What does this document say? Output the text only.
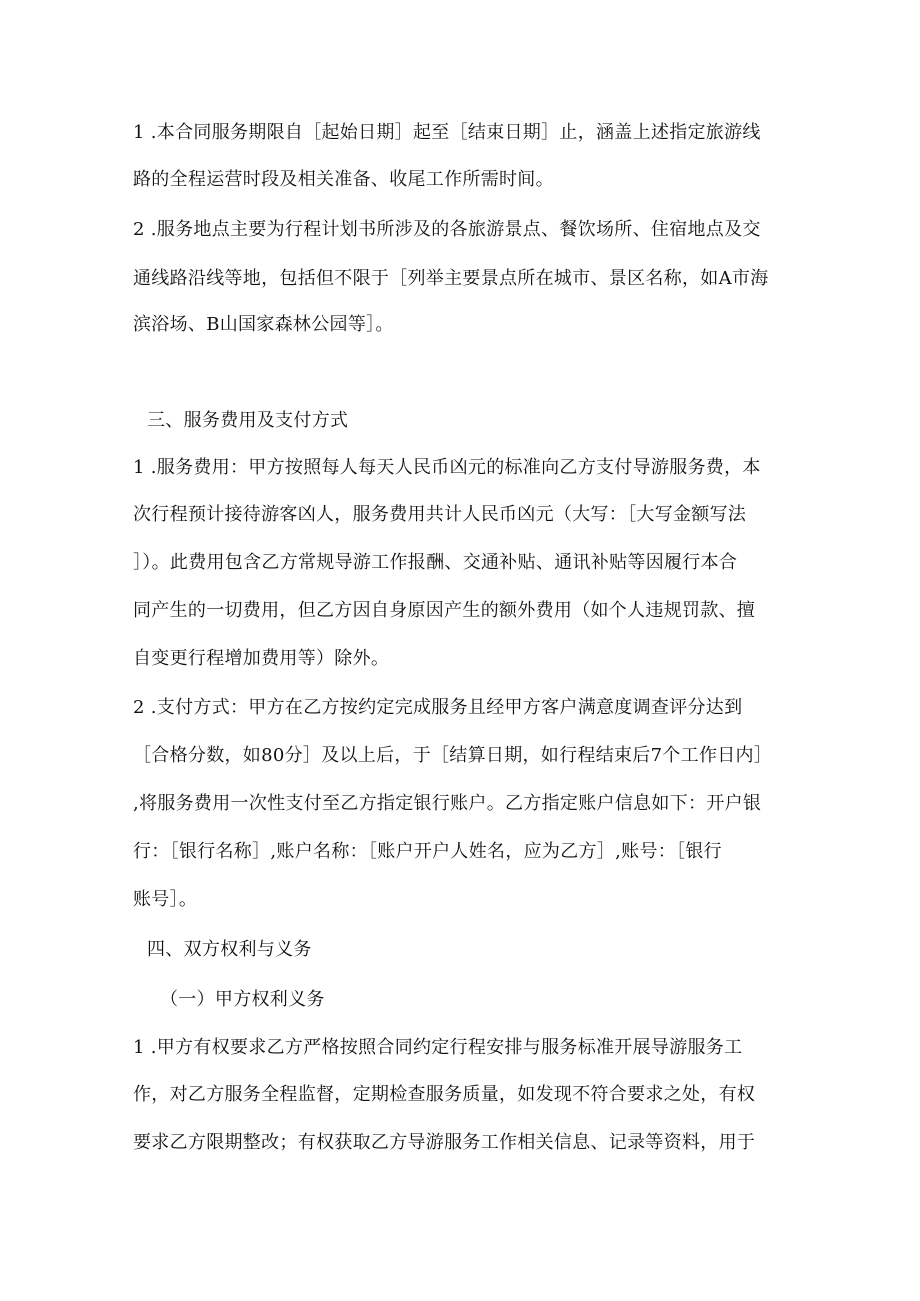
1 .本合同服务期限自［起始日期］起至［结束日期］止，涵盖上述指定旅游线
路的全程运营时段及相关准备、收尾工作所需时间。
2 .服务地点主要为行程计划书所涉及的各旅游景点、餐饮场所、住宿地点及交
通线路沿线等地，包括但不限于［列举主要景点所在城市、景区名称，如A市海
滨浴场、B山国家森林公园等］。
三、服务费用及支付方式
1 .服务费用：甲方按照每人每天人民币凶元的标准向乙方支付导游服务费，本
次行程预计接待游客凶人，服务费用共计人民币凶元（大写：［大写金额写法
］）。此费用包含乙方常规导游工作报酬、交通补贴、通讯补贴等因履行本合
同产生的一切费用，但乙方因自身原因产生的额外费用（如个人违规罚款、擅
自变更行程增加费用等）除外。
2 .支付方式：甲方在乙方按约定完成服务且经甲方客户满意度调查评分达到
［合格分数，如80分］及以上后，于［结算日期，如行程结束后7个工作日内］
,将服务费用一次性支付至乙方指定银行账户。乙方指定账户信息如下：开户银
行：［银行名称］,账户名称：［账户开户人姓名，应为乙方］,账号：［银行
账号］。
四、双方权利与义务
（一）甲方权利义务
1 .甲方有权要求乙方严格按照合同约定行程安排与服务标准开展导游服务工
作，对乙方服务全程监督，定期检查服务质量，如发现不符合要求之处，有权
要求乙方限期整改；有权获取乙方导游服务工作相关信息、记录等资料，用于
